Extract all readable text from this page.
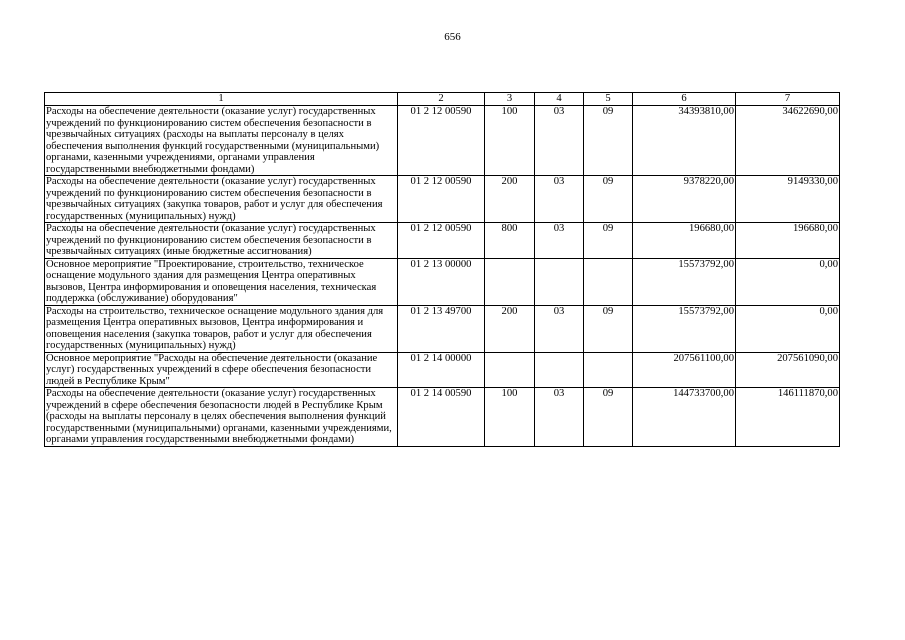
656
1	2	3	4	5	6	7
Расходы на обеспечение деятельности (оказание услуг) государственных учреждений по функционированию систем обеспечения безопасности в чрезвычайных ситуациях (расходы на выплаты персоналу в целях обеспечения выполнения функций государственными (муниципальными) органами, казенными учреждениями, органами управления государственными внебюджетными фондами)	01 2 12 00590	100	03	09	34393810,00	34622690,00
Расходы на обеспечение деятельности (оказание услуг) государственных учреждений по функционированию систем обеспечения безопасности в чрезвычайных ситуациях (закупка товаров, работ и услуг для обеспечения государственных (муниципальных) нужд)	01 2 12 00590	200	03	09	9378220,00	9149330,00
Расходы на обеспечение деятельности (оказание услуг) государственных учреждений по функционированию систем обеспечения безопасности в чрезвычайных ситуациях (иные бюджетные ассигнования)	01 2 12 00590	800	03	09	196680,00	196680,00
Основное мероприятие "Проектирование, строительство, техническое оснащение модульного здания для размещения Центра оперативных вызовов, Центра информирования и оповещения населения, техническая поддержка (обслуживание) оборудования"	01 2 13 00000				15573792,00	0,00
Расходы на строительство, техническое оснащение модульного здания для размещения Центра оперативных вызовов, Центра информирования и оповещения населения (закупка товаров, работ и услуг для обеспечения государственных (муниципальных) нужд)	01 2 13 49700	200	03	09	15573792,00	0,00
Основное мероприятие "Расходы на обеспечение деятельности (оказание услуг) государственных учреждений в сфере обеспечения безопасности людей в Республике Крым"	01 2 14 00000				207561100,00	207561090,00
Расходы на обеспечение деятельности (оказание услуг) государственных учреждений в сфере обеспечения безопасности людей в Республике Крым (расходы на выплаты персоналу в целях обеспечения выполнения функций государственными (муниципальными) органами, казенными учреждениями, органами управления государственными внебюджетными фондами)	01 2 14 00590	100	03	09	144733700,00	146111870,00
